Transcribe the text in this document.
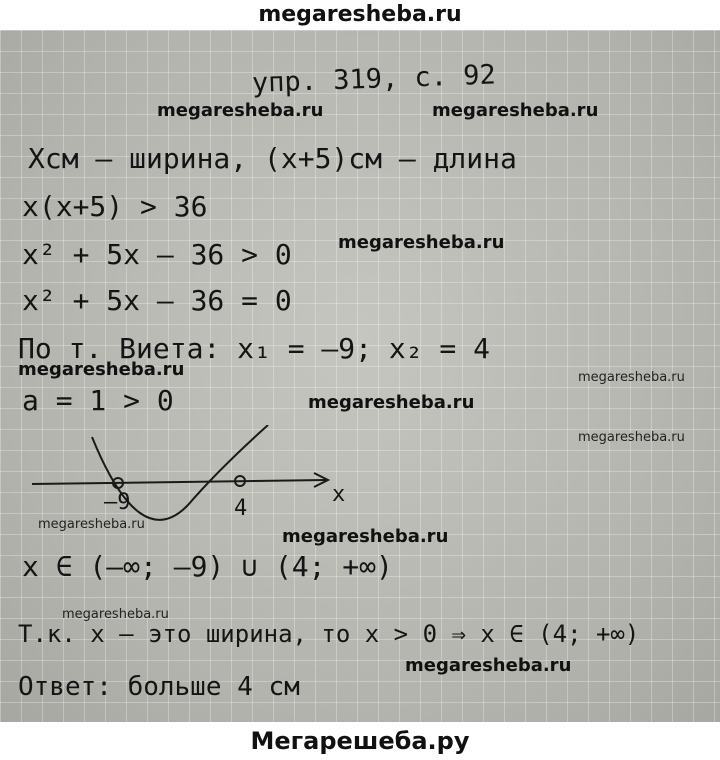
megaresheba.ru
упр. 319, с. 92
Хсм – ширина, (х+5)см – длина
х(х+5) > 36
х² + 5х – 36 > 0
х² + 5х – 36 = 0
По т. Виета: х₁ = –9; х₂ = 4
а = 1 > 0
–9	4
х
х ∈ (–∞; –9) ∪ (4; +∞)
Т.к. х – это ширина, то х > 0 ⇒ х ∈ (4; +∞)
Ответ: больше 4 см
megaresheba.ru	megaresheba.ru
megaresheba.ru
megaresheba.ru
megaresheba.ru
megaresheba.ru
megaresheba.ru
megaresheba.ru
megaresheba.ru
megaresheba.ru
megaresheba.ru
Мегарешеба.ру
